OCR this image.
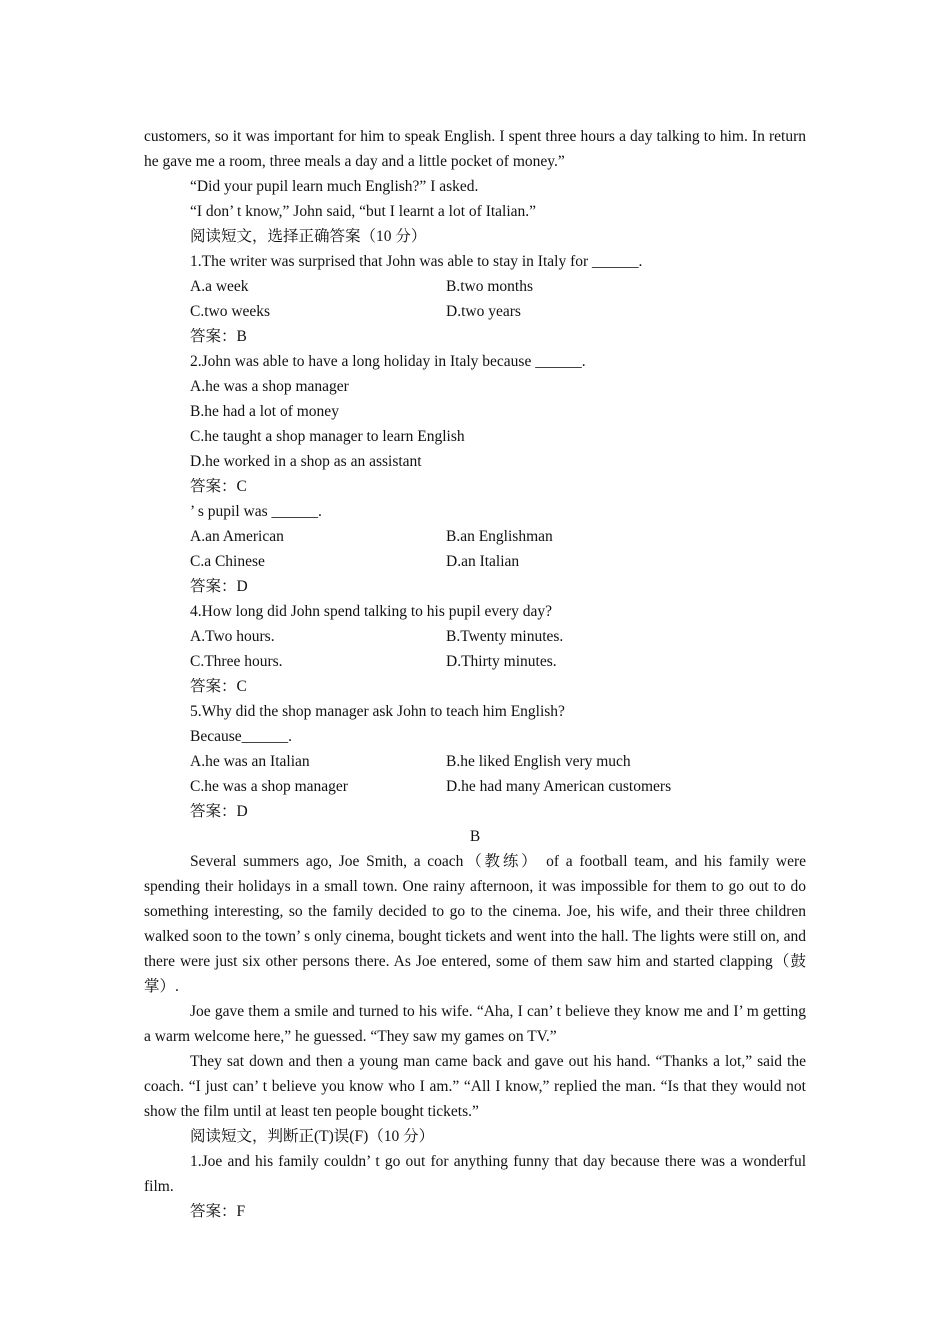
customers, so it was important for him to speak English. I spent three hours a day talking to him. In return he gave me a room, three meals a day and a little pocket of money.”
“Did your pupil learn much English?” I asked.
“I don’ t know,” John said, “but I learnt a lot of Italian.”
阅读短文，选择正确答案（10 分）
1.The writer was surprised that John was able to stay in Italy for ______.
A.a week	B.two months
C.two weeks	D.two years
答案：B
2.John was able to have a long holiday in Italy because ______.
A.he was a shop manager
B.he had a lot of money
C.he taught a shop manager to learn English
D.he worked in a shop as an assistant
答案：C
’ s pupil was ______.
A.an American	B.an Englishman
C.a Chinese	D.an Italian
答案：D
4.How long did John spend talking to his pupil every day?
A.Two hours.	B.Twenty minutes.
C.Three hours.	D.Thirty minutes.
答案：C
5.Why did the shop manager ask John to teach him English?
Because______.
A.he was an Italian	B.he liked English very much
C.he was a shop manager	D.he had many American customers
答案：D
B
Several summers ago, Joe Smith, a coach（教练） of a football team, and his family were spending their holidays in a small town. One rainy afternoon, it was impossible for them to go out to do something interesting, so the family decided to go to the cinema. Joe, his wife, and their three children walked soon to the town’ s only cinema, bought tickets and went into the hall. The lights were still on, and there were just six other persons there. As Joe entered, some of them saw him and started clapping（鼓掌）.
Joe gave them a smile and turned to his wife. “Aha, I can’ t believe they know me and I’ m getting a warm welcome here,” he guessed. “They saw my games on TV.”
They sat down and then a young man came back and gave out his hand. “Thanks a lot,” said the coach. “I just can’ t believe you know who I am.” “All I know,” replied the man. “Is that they would not show the film until at least ten people bought tickets.”
阅读短文，判断正(T)误(F)（10 分）
1.Joe and his family couldn’ t go out for anything funny that day because there was a wonderful film.
答案：F
